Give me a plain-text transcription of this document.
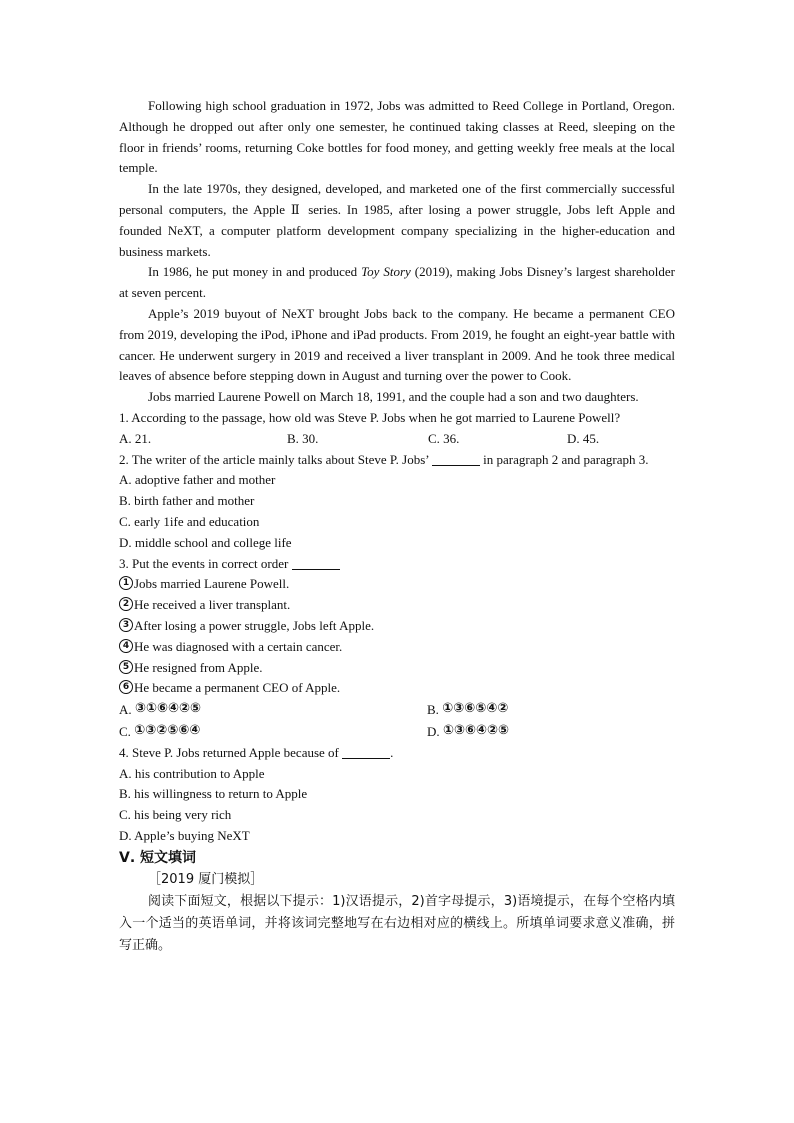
Following high school graduation in 1972, Jobs was admitted to Reed College in Portland, Oregon. Although he dropped out after only one semester, he continued taking classes at Reed, sleeping on the floor in friends’ rooms, returning Coke bottles for food money, and getting weekly free meals at the local temple.

In the late 1970s, they designed, developed, and marketed one of the first commercially successful personal computers, the Apple Ⅱ series. In 1985, after losing a power struggle, Jobs left Apple and founded NeXT, a computer platform development company specializing in the higher-education and business markets.

In 1986, he put money in and produced Toy Story (2019), making Jobs Disney’s largest shareholder at seven percent.

Apple’s 2019 buyout of NeXT brought Jobs back to the company. He became a permanent CEO from 2019, developing the iPod, iPhone and iPad products. From 2019, he fought an eight-year battle with cancer. He underwent surgery in 2019 and received a liver transplant in 2009. And he took three medical leaves of absence before stepping down in August and turning over the power to Cook.

Jobs married Laurene Powell on March 18, 1991, and the couple had a son and two daughters.

1. According to the passage, how old was Steve P. Jobs when he got married to Laurene Powell?

A. 21.	B. 30.	C. 36.	D. 45.

2. The writer of the article mainly talks about Steve P. Jobs’	in paragraph 2 and paragraph 3.

A. adoptive father and mother

B. birth father and mother

C. early 1ife and education

D. middle school and college life

3. Put the events in correct order

1 Jobs married Laurene Powell.

2 He received a liver transplant.

3 After losing a power struggle, Jobs left Apple.

4 He was diagnosed with a certain cancer.

5 He resigned from Apple.

6 He became a permanent CEO of Apple.

A. ③①⑥④②⑤	B. ①③⑥⑤④②
C. ①③②⑤⑥④	D. ①③⑥④②⑤

4. Steve P. Jobs returned Apple because of	.

A. his contribution to Apple

B. his willingness to return to Apple

C. his being very rich

D. Apple’s buying NeXT

Ⅴ. 短文填词

［2019 厦门模拟］

阅读下面短文，根据以下提示：1)汉语提示，2)首字母提示，3)语境提示，在每个空格内填入一个适当的英语单词，并将该词完整地写在右边相对应的横线上。所填单词要求意义准确，拼写正确。
